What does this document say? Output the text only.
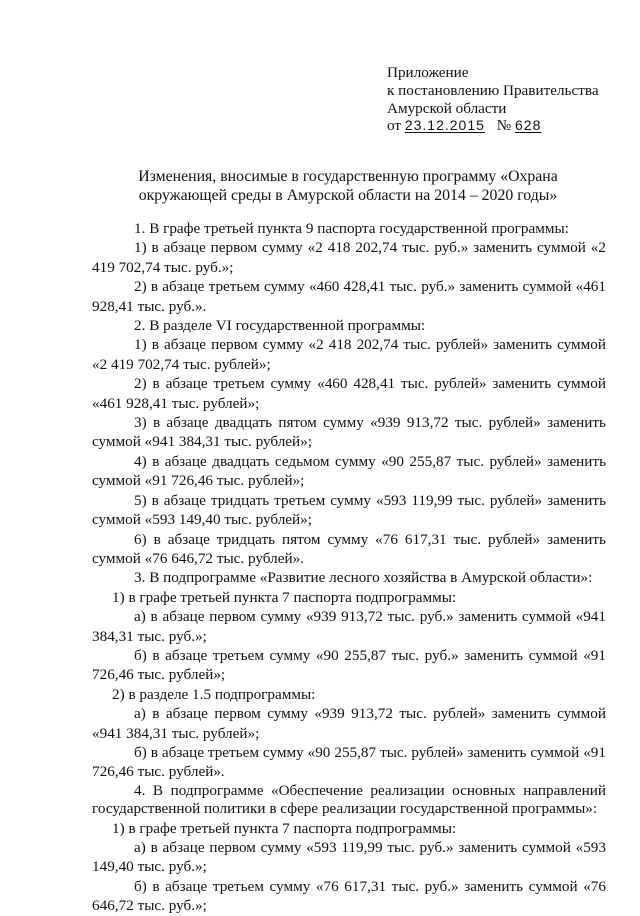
Приложение
к постановлению Правительства
Амурской области
от 23.12.2015 № 628
Изменения, вносимые в государственную программу «Охрана окружающей среды в Амурской области на 2014 – 2020 годы»

1. В графе третьей пункта 9 паспорта государственной программы:

1) в абзаце первом сумму «2 418 202,74 тыс. руб.» заменить суммой «2 419 702,74 тыс. руб.»;

2) в абзаце третьем сумму «460 428,41 тыс. руб.» заменить суммой «461 928,41 тыс. руб.».

2. В разделе VI государственной программы:

1) в абзаце первом сумму «2 418 202,74 тыс. рублей» заменить суммой «2 419 702,74 тыс. рублей»;

2) в абзаце третьем сумму «460 428,41 тыс. рублей» заменить суммой «461 928,41 тыс. рублей»;

3) в абзаце двадцать пятом сумму «939 913,72 тыс. рублей» заменить суммой «941 384,31 тыс. рублей»;

4) в абзаце двадцать седьмом сумму «90 255,87 тыс. рублей» заменить суммой «91 726,46 тыс. рублей»;

5) в абзаце тридцать третьем сумму «593 119,99 тыс. рублей» заменить суммой «593 149,40 тыс. рублей»;

6) в абзаце тридцать пятом сумму «76 617,31 тыс. рублей» заменить суммой «76 646,72 тыс. рублей».

3. В подпрограмме «Развитие лесного хозяйства в Амурской области»:

1) в графе третьей пункта 7 паспорта подпрограммы:

а) в абзаце первом сумму «939 913,72 тыс. руб.» заменить суммой «941 384,31 тыс. руб.»;

б) в абзаце третьем сумму «90 255,87 тыс. руб.» заменить суммой «91 726,46 тыс. рублей»;

2) в разделе 1.5 подпрограммы:

а) в абзаце первом сумму «939 913,72 тыс. рублей» заменить суммой «941 384,31 тыс. рублей»;

б) в абзаце третьем сумму «90 255,87 тыс. рублей» заменить суммой «91 726,46 тыс. рублей».

4. В подпрограмме «Обеспечение реализации основных направлений государственной политики в сфере реализации государственной программы»:

1) в графе третьей пункта 7 паспорта подпрограммы:

а) в абзаце первом сумму «593 119,99 тыс. руб.» заменить суммой «593 149,40 тыс. руб.»;

б) в абзаце третьем сумму «76 617,31 тыс. руб.» заменить суммой «76 646,72 тыс. руб.»;
